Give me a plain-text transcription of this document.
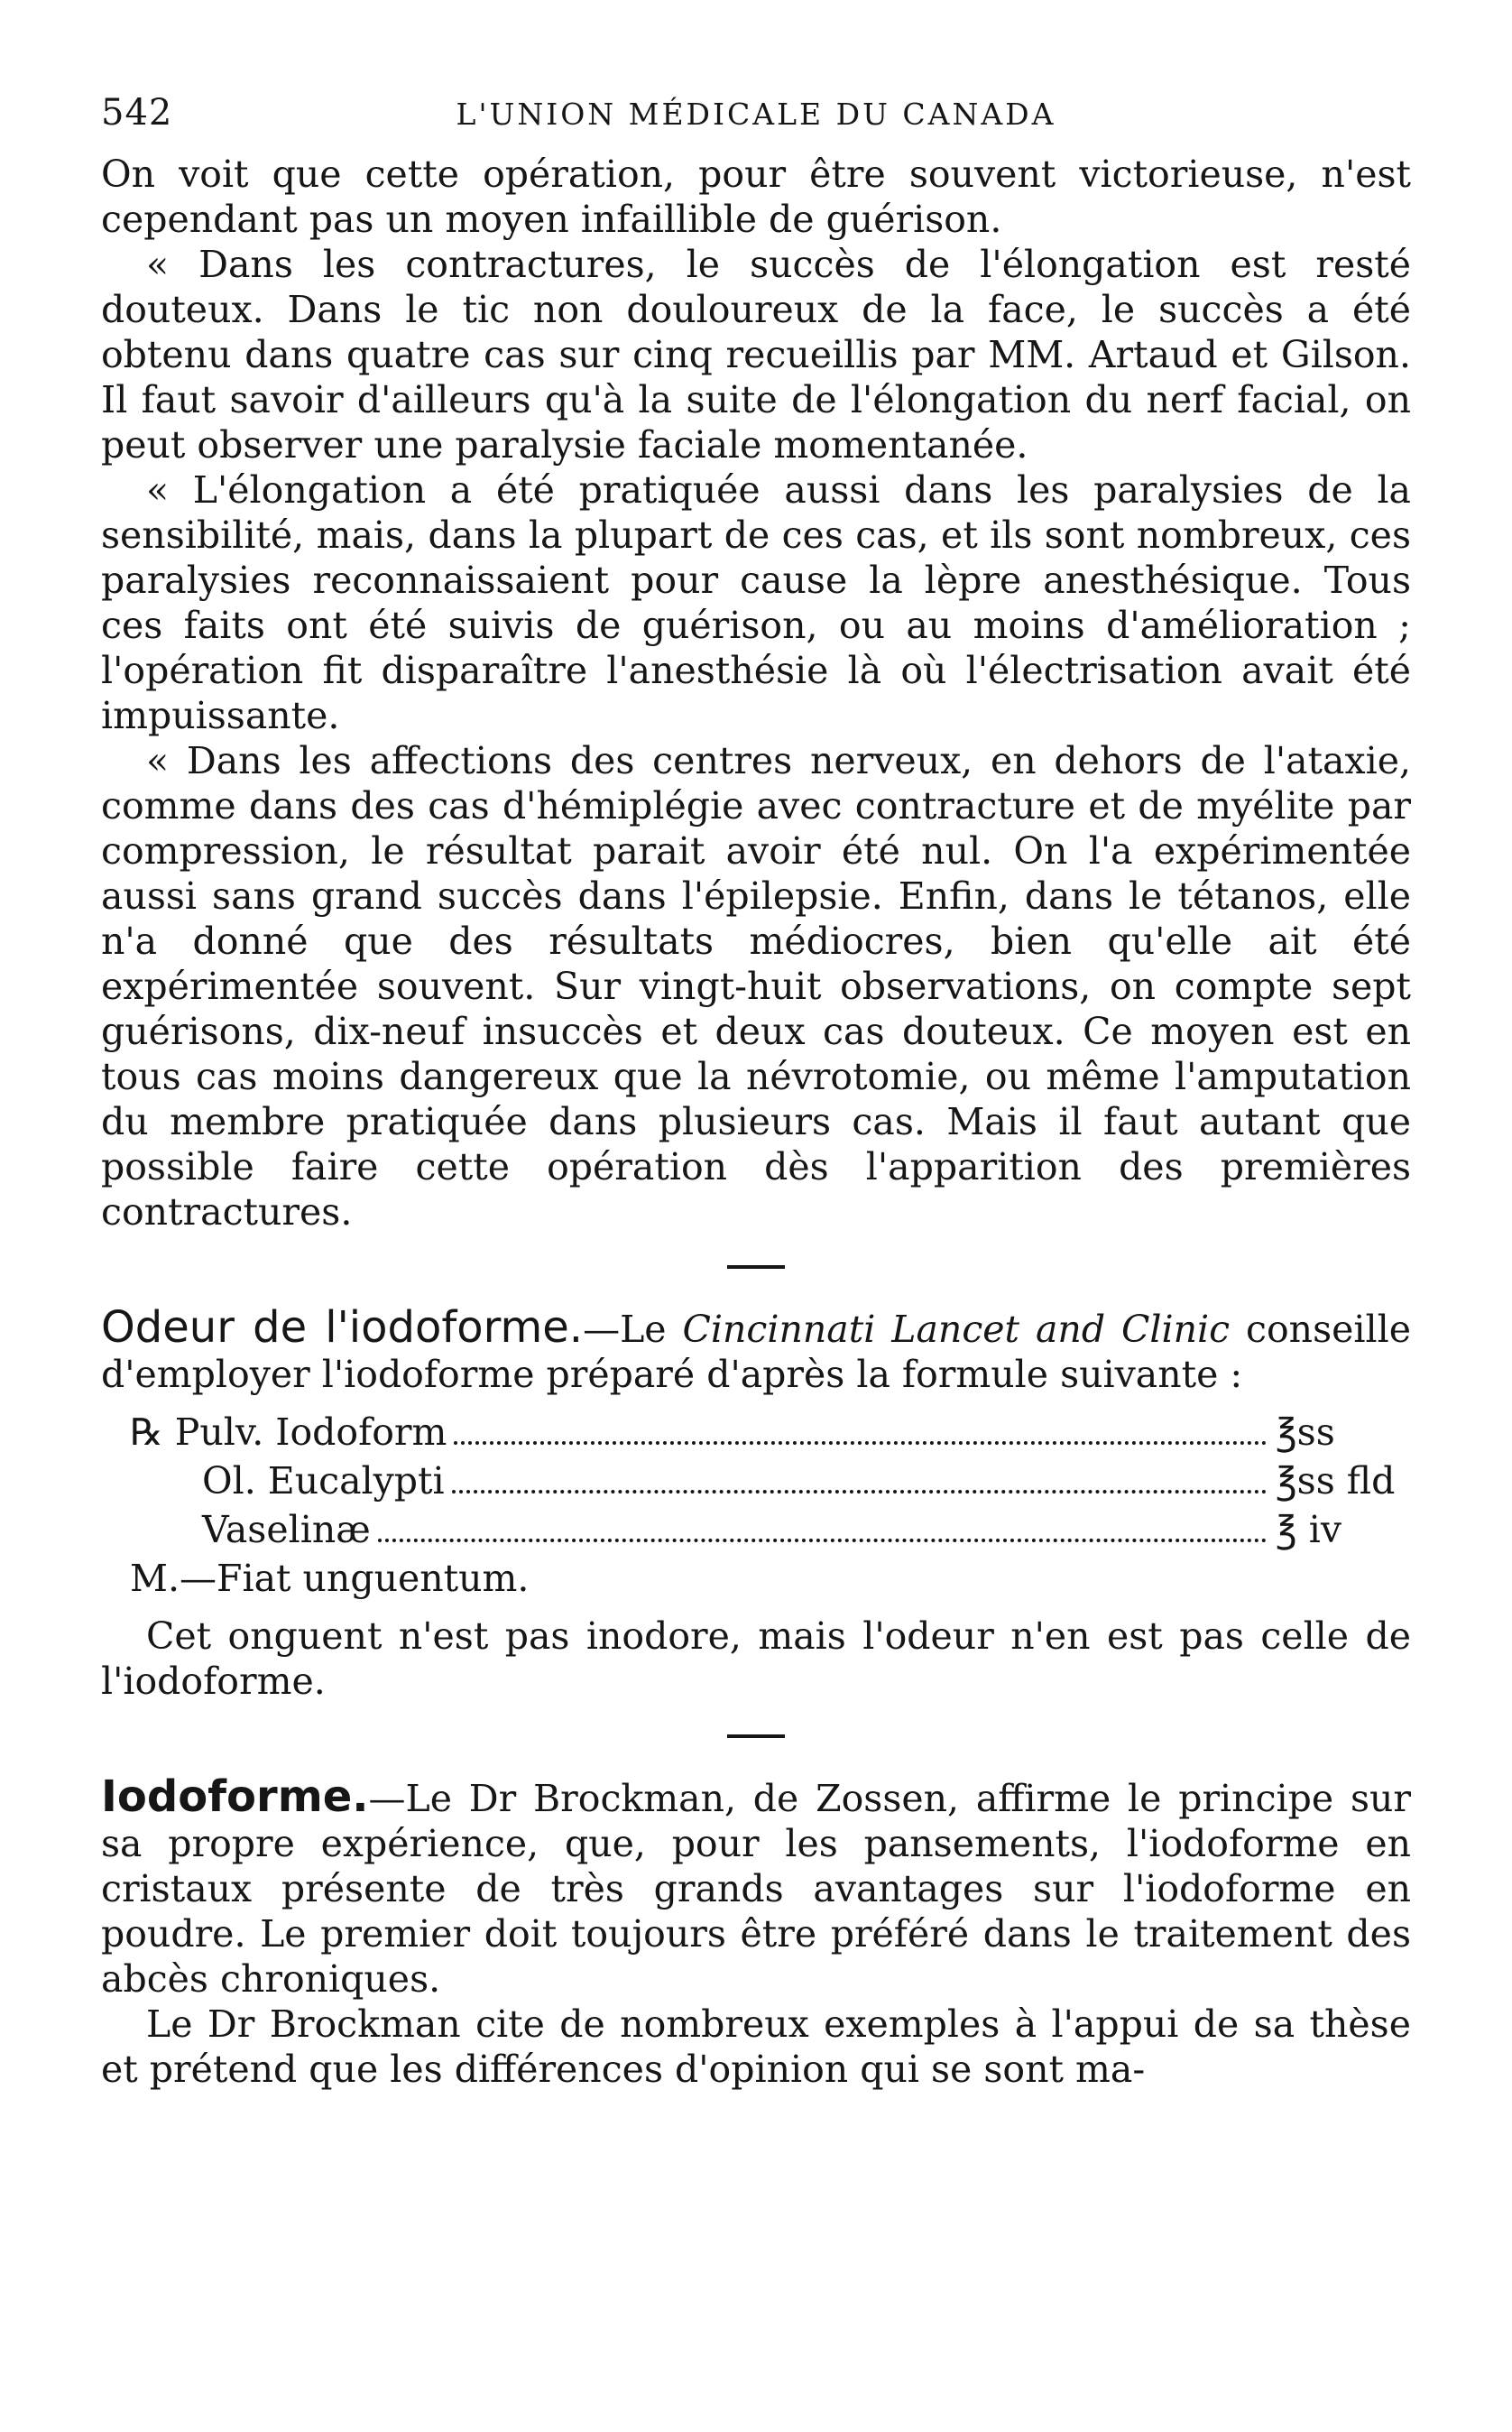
542	L'UNION MÉDICALE DU CANADA

On voit que cette opération, pour être souvent victorieuse, n'est cependant pas un moyen infaillible de guérison.

« Dans les contractures, le succès de l'élongation est resté douteux. Dans le tic non douloureux de la face, le succès a été obtenu dans quatre cas sur cinq recueillis par MM. Artaud et Gilson. Il faut savoir d'ailleurs qu'à la suite de l'élongation du nerf facial, on peut observer une paralysie faciale momentanée.

« L'élongation a été pratiquée aussi dans les paralysies de la sensibilité, mais, dans la plupart de ces cas, et ils sont nombreux, ces paralysies reconnaissaient pour cause la lèpre anesthésique. Tous ces faits ont été suivis de guérison, ou au moins d'amélioration ; l'opération fit disparaître l'anesthésie là où l'électrisation avait été impuissante.

« Dans les affections des centres nerveux, en dehors de l'ataxie, comme dans des cas d'hémiplégie avec contracture et de myélite par compression, le résultat parait avoir été nul. On l'a expérimentée aussi sans grand succès dans l'épilepsie. Enfin, dans le tétanos, elle n'a donné que des résultats médiocres, bien qu'elle ait été expérimentée souvent. Sur vingt-huit observations, on compte sept guérisons, dix-neuf insuccès et deux cas douteux. Ce moyen est en tous cas moins dangereux que la névrotomie, ou même l'amputation du membre pratiquée dans plusieurs cas. Mais il faut autant que possible faire cette opération dès l'apparition des premières contractures.

Odeur de l'iodoforme.—Le Cincinnati Lancet and Clinic conseille d'employer l'iodoforme préparé d'après la formule suivante :

℞ Pulv. Iodoform	℥ss
Ol. Eucalypti	℥ss fld
Vaselinæ	℥ iv
M.—Fiat unguentum.

Cet onguent n'est pas inodore, mais l'odeur n'en est pas celle de l'iodoforme.

Iodoforme.—Le Dr Brockman, de Zossen, affirme le principe sur sa propre expérience, que, pour les pansements, l'iodoforme en cristaux présente de très grands avantages sur l'iodoforme en poudre. Le premier doit toujours être préféré dans le traitement des abcès chroniques.

Le Dr Brockman cite de nombreux exemples à l'appui de sa thèse et prétend que les différences d'opinion qui se sont ma-
